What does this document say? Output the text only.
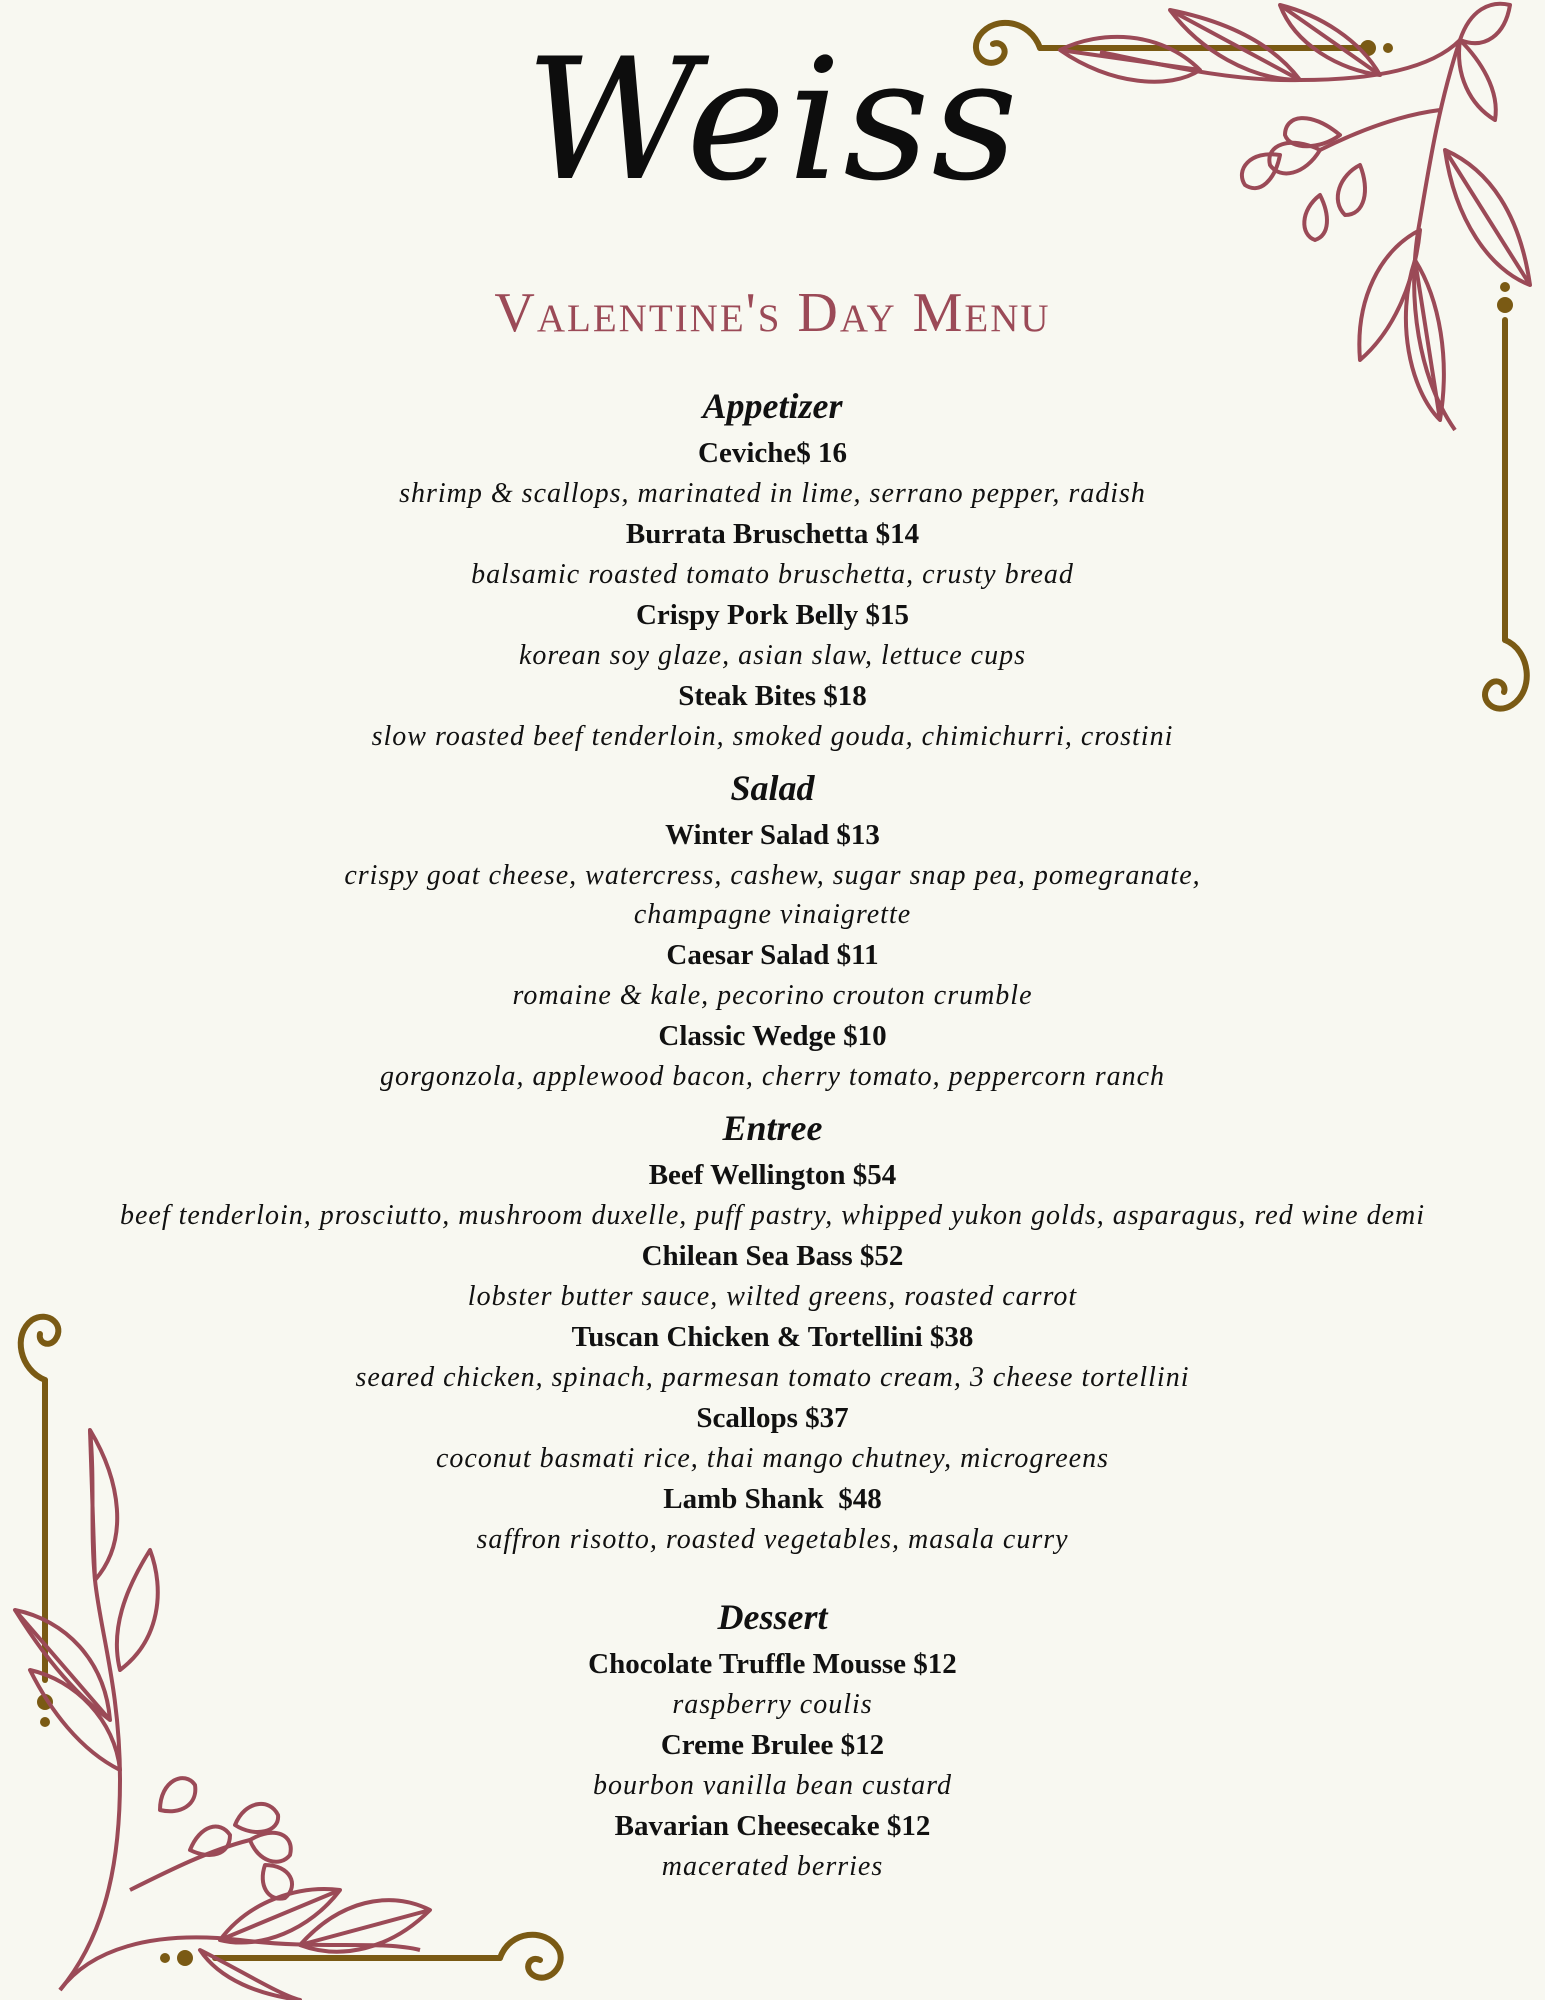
Weiss
Valentine's Day Menu
Appetizer
Ceviche$ 16
shrimp & scallops, marinated in lime, serrano pepper, radish
Burrata Bruschetta $14
balsamic roasted tomato bruschetta, crusty bread
Crispy Pork Belly $15
korean soy glaze, asian slaw, lettuce cups
Steak Bites $18
slow roasted beef tenderloin, smoked gouda, chimichurri, crostini
Salad
Winter Salad $13
crispy goat cheese, watercress, cashew, sugar snap pea, pomegranate, champagne vinaigrette
Caesar Salad $11
romaine & kale, pecorino crouton crumble
Classic Wedge $10
gorgonzola, applewood bacon, cherry tomato, peppercorn ranch
Entree
Beef Wellington $54
beef tenderloin, prosciutto, mushroom duxelle, puff pastry, whipped yukon golds, asparagus, red wine demi
Chilean Sea Bass $52
lobster butter sauce, wilted greens, roasted carrot
Tuscan Chicken & Tortellini $38
seared chicken, spinach, parmesan tomato cream, 3 cheese tortellini
Scallops $37
coconut basmati rice, thai mango chutney, microgreens
Lamb Shank  $48
saffron risotto, roasted vegetables, masala curry
Dessert
Chocolate Truffle Mousse $12
raspberry coulis
Creme Brulee $12
bourbon vanilla bean custard
Bavarian Cheesecake $12
macerated berries
